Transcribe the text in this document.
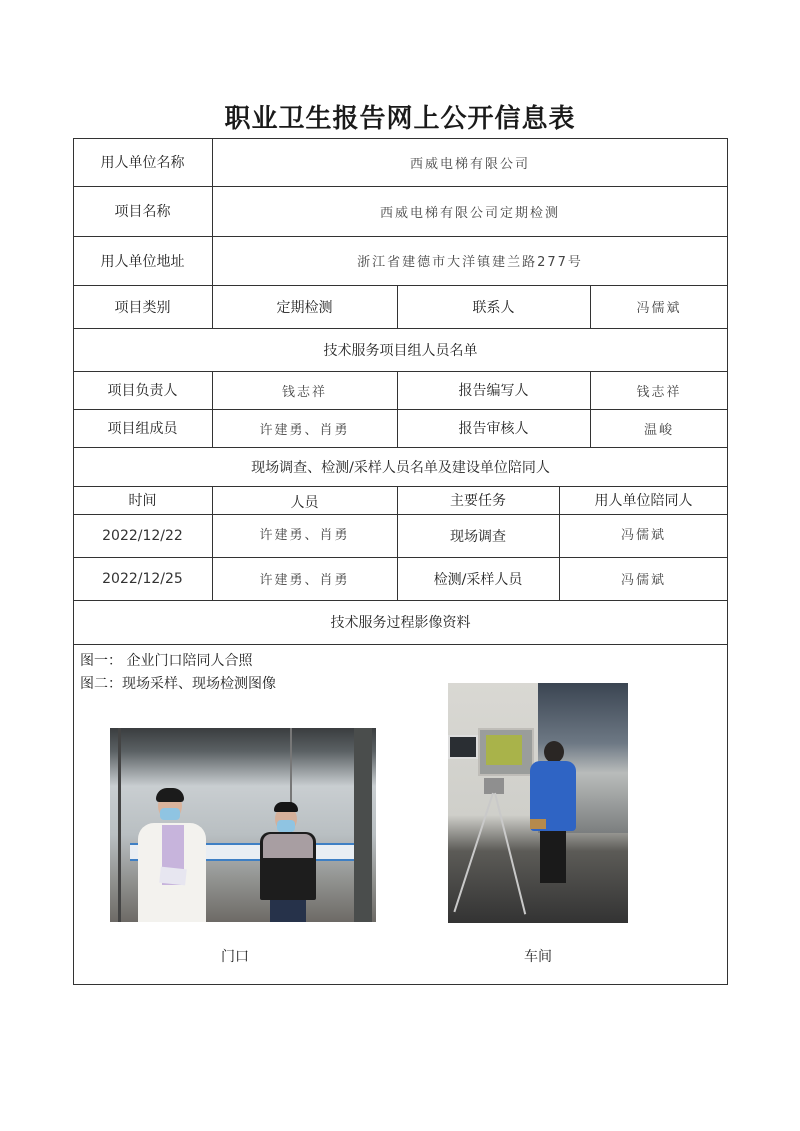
职业卫生报告网上公开信息表
用人单位名称	西威电梯有限公司
项目名称	西威电梯有限公司定期检测
用人单位地址	浙江省建德市大洋镇建兰路277号
项目类别	定期检测	联系人	冯儒斌
技术服务项目组人员名单
项目负责人	钱志祥	报告编写人	钱志祥
项目组成员	许建勇、肖勇	报告审核人	温峻
现场调查、检测/采样人员名单及建设单位陪同人
时间	人员	主要任务	用人单位陪同人
2022/12/22	许建勇、肖勇	现场调查	冯儒斌
2022/12/25	许建勇、肖勇	检测/采样人员	冯儒斌
技术服务过程影像资料
图一： 企业门口陪同人合照
图二：现场采样、现场检测图像
门口	车间
